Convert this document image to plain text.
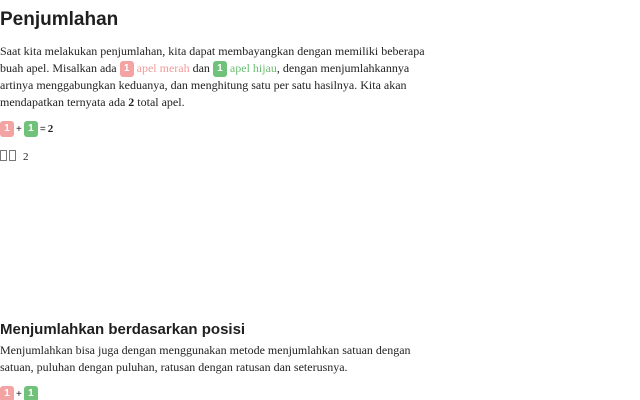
Penjumlahan

Saat kita melakukan penjumlahan, kita dapat membayangkan dengan memiliki beberapa buah apel. Misalkan ada 1 apel merah dan 1 apel hijau, dengan menjumlahkannya artinya menggabungkan keduanya, dan menghitung satu per satu hasilnya. Kita akan mendapatkan ternyata ada 2 total apel.

1 + 1 = 2
2
Menjumlahkan berdasarkan posisi

Menjumlahkan bisa juga dengan menggunakan metode menjumlahkan satuan dengan satuan, puluhan dengan puluhan, ratusan dengan ratusan dan seterusnya.

1 + 1
